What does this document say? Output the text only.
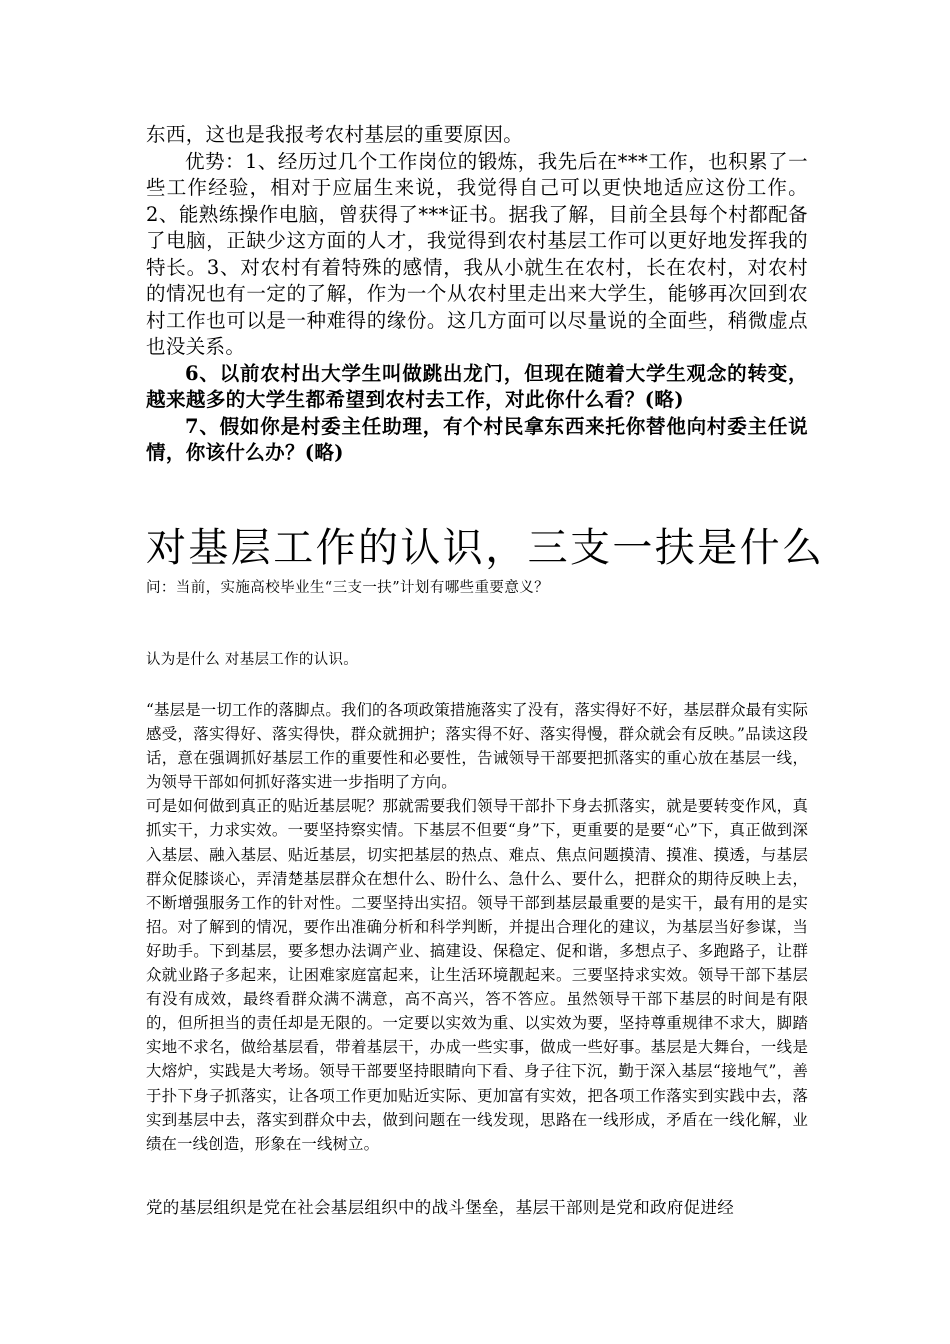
东西，这也是我报考农村基层的重要原因。

优势：1、经历过几个工作岗位的锻炼，我先后在***工作，也积累了一些工作经验，相对于应届生来说，我觉得自己可以更快地适应这份工作。2、能熟练操作电脑，曾获得了***证书。据我了解，目前全县每个村都配备了电脑，正缺少这方面的人才，我觉得到农村基层工作可以更好地发挥我的特长。3、对农村有着特殊的感情，我从小就生在农村，长在农村，对农村的情况也有一定的了解，作为一个从农村里走出来大学生，能够再次回到农村工作也可以是一种难得的缘份。这几方面可以尽量说的全面些，稍微虚点也没关系。

6、以前农村出大学生叫做跳出龙门，但现在随着大学生观念的转变，越来越多的大学生都希望到农村去工作，对此你什么看？(略)

7、假如你是村委主任助理，有个村民拿东西来托你替他向村委主任说情，你该什么办？(略)

对基层工作的认识，三支一扶是什么
问：当前，实施高校毕业生“三支一扶”计划有哪些重要意义？
认为是什么 对基层工作的认识。

“基层是一切工作的落脚点。我们的各项政策措施落实了没有，落实得好不好，基层群众最有实际感受，落实得好、落实得快，群众就拥护；落实得不好、落实得慢，群众就会有反映。”品读这段话，意在强调抓好基层工作的重要性和必要性，告诫领导干部要把抓落实的重心放在基层一线，为领导干部如何抓好落实进一步指明了方向。

可是如何做到真正的贴近基层呢？那就需要我们领导干部扑下身去抓落实，就是要转变作风，真抓实干，力求实效。一要坚持察实情。下基层不但要“身”下，更重要的是要“心”下，真正做到深入基层、融入基层、贴近基层，切实把基层的热点、难点、焦点问题摸清、摸准、摸透，与基层群众促膝谈心，弄清楚基层群众在想什么、盼什么、急什么、要什么，把群众的期待反映上去，不断增强服务工作的针对性。二要坚持出实招。领导干部到基层最重要的是实干，最有用的是实招。对了解到的情况，要作出准确分析和科学判断，并提出合理化的建议，为基层当好参谋，当好助手。下到基层，要多想办法调产业、搞建设、保稳定、促和谐，多想点子、多跑路子，让群众就业路子多起来，让困难家庭富起来，让生活环境靓起来。三要坚持求实效。领导干部下基层有没有成效，最终看群众满不满意，高不高兴，答不答应。虽然领导干部下基层的时间是有限的，但所担当的责任却是无限的。一定要以实效为重、以实效为要，坚持尊重规律不求大，脚踏实地不求名，做给基层看，带着基层干，办成一些实事，做成一些好事。基层是大舞台，一线是大熔炉，实践是大考场。领导干部要坚持眼睛向下看、身子往下沉，勤于深入基层“接地气”，善于扑下身子抓落实，让各项工作更加贴近实际、更加富有实效，把各项工作落实到实践中去，落实到基层中去，落实到群众中去，做到问题在一线发现，思路在一线形成，矛盾在一线化解，业绩在一线创造，形象在一线树立。

党的基层组织是党在社会基层组织中的战斗堡垒，基层干部则是党和政府促进经
